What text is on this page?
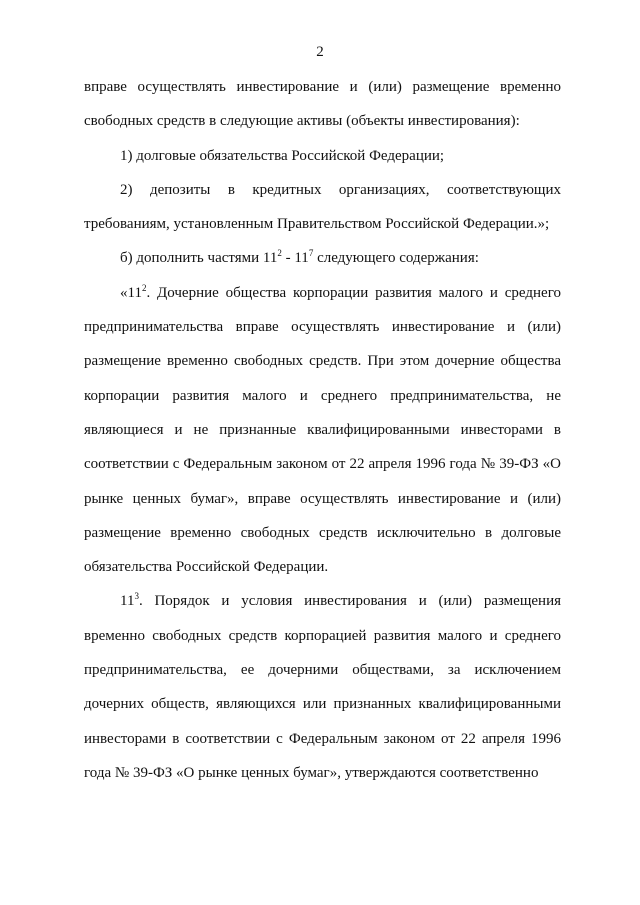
2

вправе осуществлять инвестирование и (или) размещение временно свободных средств в следующие активы (объекты инвестирования):

1) долговые обязательства Российской Федерации;

2) депозиты в кредитных организациях, соответствующих требованиям, установленным Правительством Российской Федерации.»;

б) дополнить частями $11^2 - 11^7$ следующего содержания:

«$11^2$. Дочерние общества корпорации развития малого и среднего предпринимательства вправе осуществлять инвестирование и (или) размещение временно свободных средств. При этом дочерние общества корпорации развития малого и среднего предпринимательства, не являющиеся и не признанные квалифицированными инвесторами в соответствии с Федеральным законом от 22 апреля 1996 года № 39-ФЗ «О рынке ценных бумаг», вправе осуществлять инвестирование и (или) размещение временно свободных средств исключительно в долговые обязательства Российской Федерации.

$11^3$. Порядок и условия инвестирования и (или) размещения временно свободных средств корпорацией развития малого и среднего предпринимательства, ее дочерними обществами, за исключением дочерних обществ, являющихся или признанных квалифицированными инвесторами в соответствии с Федеральным законом от 22 апреля 1996 года № 39-ФЗ «О рынке ценных бумаг», утверждаются соответственно
